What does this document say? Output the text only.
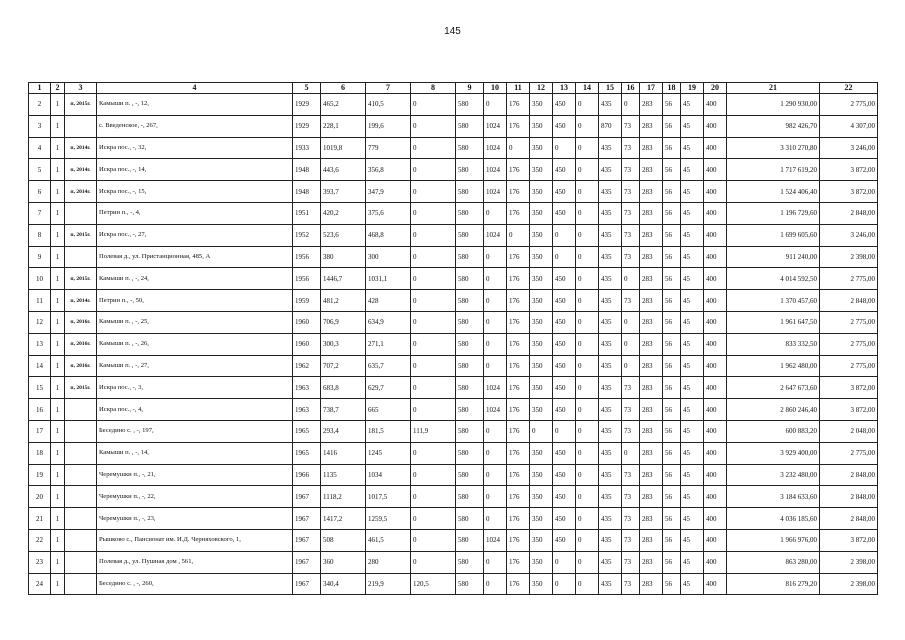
145
1	2	3	4	5	6	7	8	9	10	11	12	13	14	15	16	17	18	19	20	21	22
2	1	п, 2015г.	Камыши п. , -, 12,	1929	465,2	410,5	0	580	0	176	350	450	0	435	0	283	56	45	400	1 290 930,00	2 775,00
3	1		с. Введенское, -, 267,	1929	228,1	199,6	0	580	1024	176	350	450	0	870	73	283	56	45	400	982 426,70	4 307,00
4	1	п, 2014г.	Искра пос., -, 32,	1933	1019,8	779	0	580	1024	0	350	0	0	435	73	283	56	45	400	3 310 270,80	3 246,00
5	1	п, 2014г.	Искра пос., -, 14,	1948	443,6	356,8	0	580	1024	176	350	450	0	435	73	283	56	45	400	1 717 619,20	3 872,00
6	1	п, 2014г.	Искра пос., -, 15,	1948	393,7	347,9	0	580	1024	176	350	450	0	435	73	283	56	45	400	1 524 406,40	3 872,00
7	1		Петрин п., -, 4,	1951	420,2	375,6	0	580	0	176	350	450	0	435	73	283	56	45	400	1 196 729,60	2 848,00
8	1	п, 2015г.	Искра пос., -, 27,	1952	523,6	468,8	0	580	1024	0	350	0	0	435	73	283	56	45	400	1 699 605,60	3 246,00
9	1		Полевая д., ул. Пристанционная, 485, А	1956	380	300	0	580	0	176	350	0	0	435	73	283	56	45	400	911 240,00	2 398,00
10	1	п, 2015г.	Камыши п. , -, 24,	1956	1446,7	1031,1	0	580	0	176	350	450	0	435	0	283	56	45	400	4 014 592,50	2 775,00
11	1	п, 2014г.	Петрин п., -, 50,	1959	481,2	428	0	580	0	176	350	450	0	435	73	283	56	45	400	1 370 457,60	2 848,00
12	1	п, 2016г.	Камыши п. , -, 25,	1960	706,9	634,9	0	580	0	176	350	450	0	435	0	283	56	45	400	1 961 647,50	2 775,00
13	1	п, 2016г.	Камыши п. , -, 26,	1960	300,3	271,1	0	580	0	176	350	450	0	435	0	283	56	45	400	833 332,50	2 775,00
14	1	п, 2016г.	Камыши п. , -, 27,	1962	707,2	635,7	0	580	0	176	350	450	0	435	0	283	56	45	400	1 962 480,00	2 775,00
15	1	п, 2015г.	Искра пос., -, 3,	1963	683,8	629,7	0	580	1024	176	350	450	0	435	73	283	56	45	400	2 647 673,60	3 872,00
16	1		Искра пос., -, 4,	1963	738,7	665	0	580	1024	176	350	450	0	435	73	283	56	45	400	2 860 246,40	3 872,00
17	1		Беседино с. , -, 197,	1965	293,4	181,5	111,9	580	0	176	0	0	0	435	73	283	56	45	400	600 883,20	2 048,00
18	1		Камыши п. , -, 14,	1965	1416	1245	0	580	0	176	350	450	0	435	0	283	56	45	400	3 929 400,00	2 775,00
19	1		Черемушки п., -, 21,	1966	1135	1034	0	580	0	176	350	450	0	435	73	283	56	45	400	3 232 480,00	2 848,00
20	1		Черемушки п., -, 22,	1967	1118,2	1017,5	0	580	0	176	350	450	0	435	73	283	56	45	400	3 184 633,60	2 848,00
21	1		Черемушки п., -, 23,	1967	1417,2	1259,5	0	580	0	176	350	450	0	435	73	283	56	45	400	4 036 185,60	2 848,00
22	1		Рышково с., Пансионат им. И.Д. Черняховского, 1,	1967	508	461,5	0	580	1024	176	350	450	0	435	73	283	56	45	400	1 966 976,00	3 872,00
23	1		Полевая д., ул. Пушная дом , 561,	1967	360	280	0	580	0	176	350	0	0	435	73	283	56	45	400	863 280,00	2 398,00
24	1		Беседино с. , -, 260,	1967	340,4	219,9	120,5	580	0	176	350	0	0	435	73	283	56	45	400	816 279,20	2 398,00
